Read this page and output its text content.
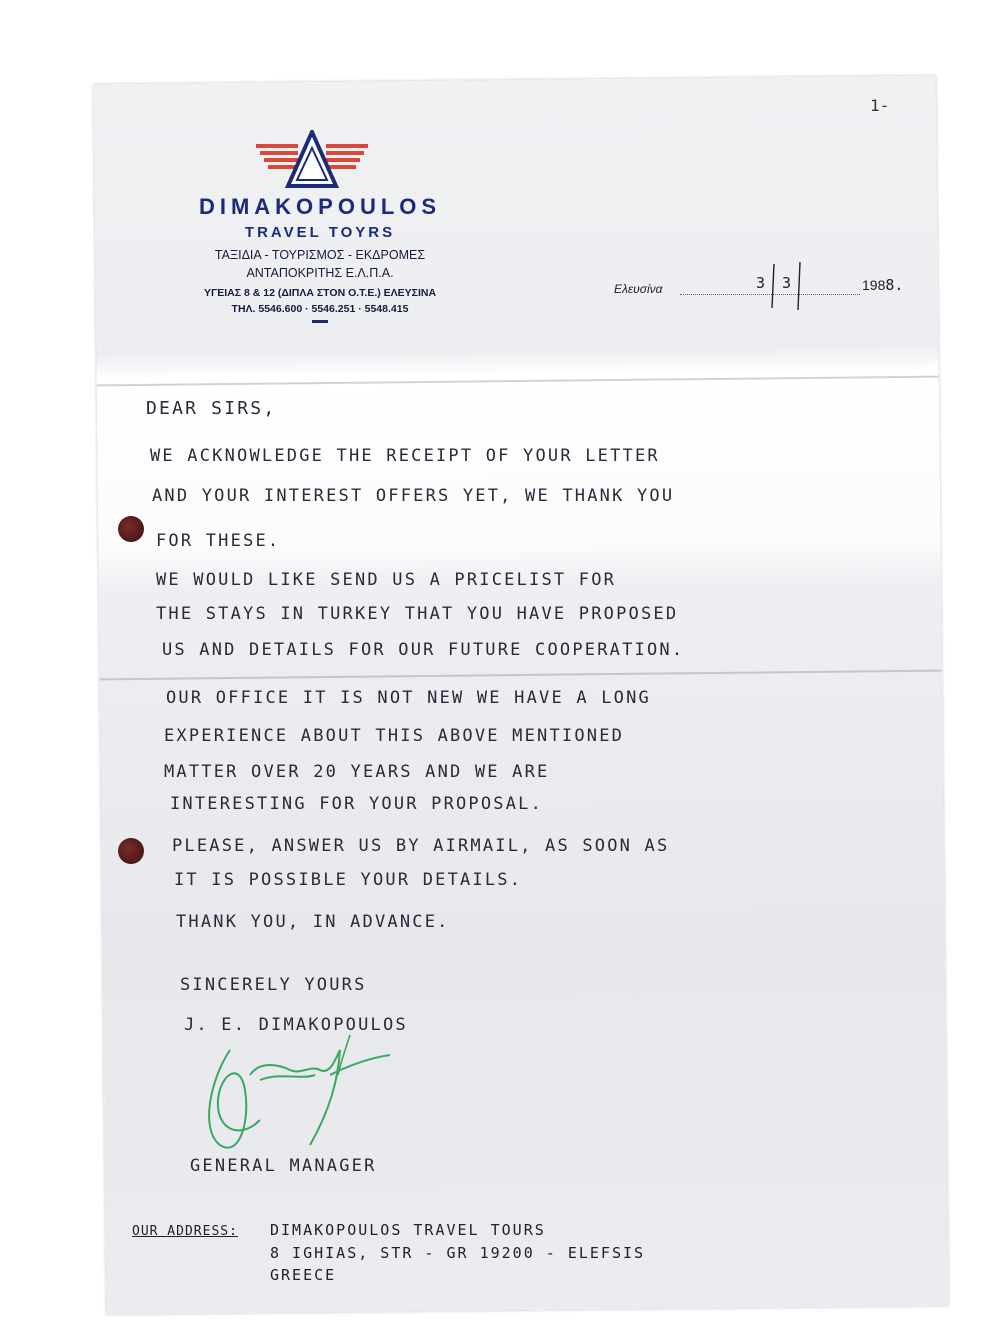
1-
DIMAKOPOULOS
TRAVEL TOYRS
ΤΑΞΙΔΙΑ - ΤΟΥΡΙΣΜΟΣ - ΕΚΔΡΟΜΕΣ
ΑΝΤΑΠΟΚΡΙΤΗΣ Ε.Λ.Π.Α.
ΥΓΕΙΑΣ 8 & 12 (ΔΙΠΛΑ ΣΤΟΝ Ο.Τ.Ε.) ΕΛΕΥΣΙΝΑ
ΤΗΛ. 5546.600 · 5546.251 · 5548.415
Ελευσίνα	3 3	1988.
DEAR SIRS,
WE ACKNOWLEDGE THE RECEIPT OF YOUR LETTER
AND YOUR INTEREST OFFERS YET, WE THANK YOU
FOR THESE.
WE WOULD LIKE SEND US A PRICELIST FOR
THE STAYS IN TURKEY THAT YOU HAVE PROPOSED
US AND DETAILS FOR OUR FUTURE COOPERATION.
OUR OFFICE IT IS NOT NEW WE HAVE A LONG
EXPERIENCE ABOUT THIS ABOVE MENTIONED
MATTER OVER 20 YEARS AND WE ARE
INTERESTING FOR YOUR PROPOSAL.
PLEASE, ANSWER US BY AIRMAIL, AS SOON AS
IT IS POSSIBLE YOUR DETAILS.
THANK YOU, IN ADVANCE.
SINCERELY YOURS
J. E. DIMAKOPOULOS
GENERAL MANAGER
OUR ADDRESS: DIMAKOPOULOS TRAVEL TOURS
8 IGHIAS, STR - GR 19200 - ELEFSIS
GREECE
